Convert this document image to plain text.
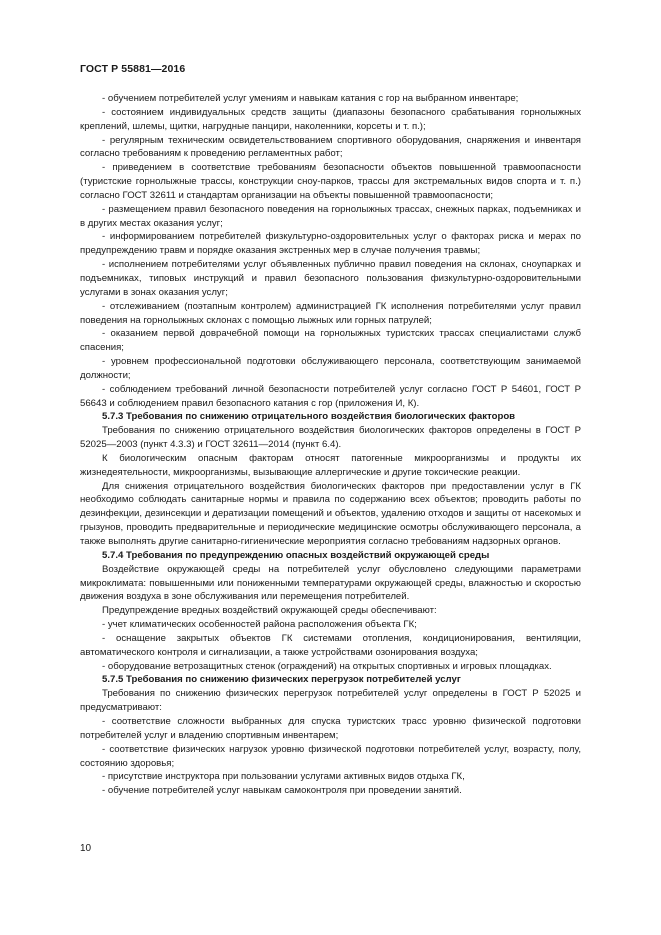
ГОСТ Р 55881—2016

- обучением потребителей услуг умениям и навыкам катания с гор на выбранном инвентаре;

- состоянием индивидуальных средств защиты (диапазоны безопасного срабатывания горнолыжных креплений, шлемы, щитки, нагрудные панцири, наколенники, корсеты и т. п.);

- регулярным техническим освидетельствованием спортивного оборудования, снаряжения и инвентаря согласно требованиям к проведению регламентных работ;

- приведением в соответствие требованиям безопасности объектов повышенной травмоопасности (туристские горнолыжные трассы, конструкции сноу-парков, трассы для экстремальных видов спорта и т. п.) согласно ГОСТ 32611 и стандартам организации на объекты повышенной травмоопасности;

- размещением правил безопасного поведения на горнолыжных трассах, снежных парках, подъемниках и в других местах оказания услуг;

- информированием потребителей физкультурно-оздоровительных услуг о факторах риска и мерах по предупреждению травм и порядке оказания экстренных мер в случае получения травмы;

- исполнением потребителями услуг объявленных публично правил поведения на склонах, сноупарках и подъемниках, типовых инструкций и правил безопасного пользования физкультурно-оздоровительными услугами в зонах оказания услуг;

- отслеживанием (поэтапным контролем) администрацией ГК исполнения потребителями услуг правил поведения на горнолыжных склонах с помощью лыжных или горных патрулей;

- оказанием первой доврачебной помощи на горнолыжных туристских трассах специалистами служб спасения;

- уровнем профессиональной подготовки обслуживающего персонала, соответствующим занимаемой должности;

- соблюдением требований личной безопасности потребителей услуг согласно ГОСТ Р 54601, ГОСТ Р 56643 и соблюдением правил безопасного катания с гор (приложения И, К).

5.7.3 Требования по снижению отрицательного воздействия биологических факторов

Требования по снижению отрицательного воздействия биологических факторов определены в ГОСТ Р 52025—2003 (пункт 4.3.3) и ГОСТ 32611—2014 (пункт 6.4).

К биологическим опасным факторам относят патогенные микроорганизмы и продукты их жизнедеятельности, микроорганизмы, вызывающие аллергические и другие токсические реакции.

Для снижения отрицательного воздействия биологических факторов при предоставлении услуг в ГК необходимо соблюдать санитарные нормы и правила по содержанию всех объектов; проводить работы по дезинфекции, дезинсекции и дератизации помещений и объектов, удалению отходов и защиты от насекомых и грызунов, проводить предварительные и периодические медицинские осмотры обслуживающего персонала, а также выполнять другие санитарно-гигиенические мероприятия согласно требованиям надзорных органов.

5.7.4 Требования по предупреждению опасных воздействий окружающей среды

Воздействие окружающей среды на потребителей услуг обусловлено следующими параметрами микроклимата: повышенными или пониженными температурами окружающей среды, влажностью и скоростью движения воздуха в зоне обслуживания или перемещения потребителей.

Предупреждение вредных воздействий окружающей среды обеспечивают:

- учет климатических особенностей района расположения объекта ГК;

- оснащение закрытых объектов ГК системами отопления, кондиционирования, вентиляции, автоматического контроля и сигнализации, а также устройствами озонирования воздуха;

- оборудование ветрозащитных стенок (ограждений) на открытых спортивных и игровых площадках.

5.7.5 Требования по снижению физических перегрузок потребителей услуг

Требования по снижению физических перегрузок потребителей услуг определены в ГОСТ Р 52025 и предусматривают:

- соответствие сложности выбранных для спуска туристских трасс уровню физической подготовки потребителей услуг и владению спортивным инвентарем;

- соответствие физических нагрузок уровню физической подготовки потребителей услуг, возрасту, полу, состоянию здоровья;

- присутствие инструктора при пользовании услугами активных видов отдыха ГК,

- обучение потребителей услуг навыкам самоконтроля при проведении занятий.

10
